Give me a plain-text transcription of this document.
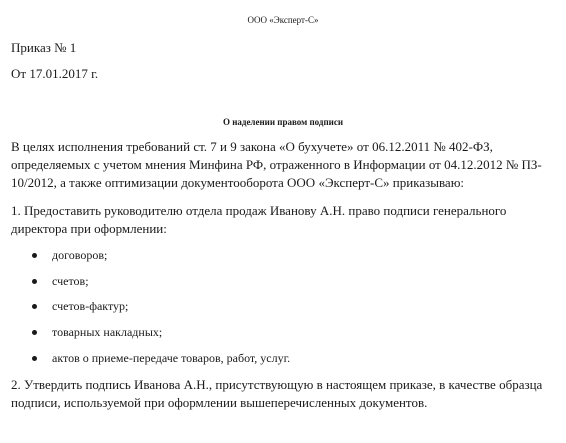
ООО «Эксперт-С»
Приказ № 1
От 17.01.2017 г.
О наделении правом подписи
В целях исполнения требований ст. 7 и 9 закона «О бухучете» от 06.12.2011 № 402-ФЗ,
определяемых с учетом мнения Минфина РФ, отраженного в Информации от 04.12.2012 № ПЗ-
10/2012, а также оптимизации документооборота ООО «Эксперт-С» приказываю:
1. Предоставить руководителю отдела продаж Иванову А.Н. право подписи генерального
директора при оформлении:
договоров;
счетов;
счетов-фактур;
товарных накладных;
актов о приеме-передаче товаров, работ, услуг.
2. Утвердить подпись Иванова А.Н., присутствующую в настоящем приказе, в качестве образца
подписи, используемой при оформлении вышеперечисленных документов.
